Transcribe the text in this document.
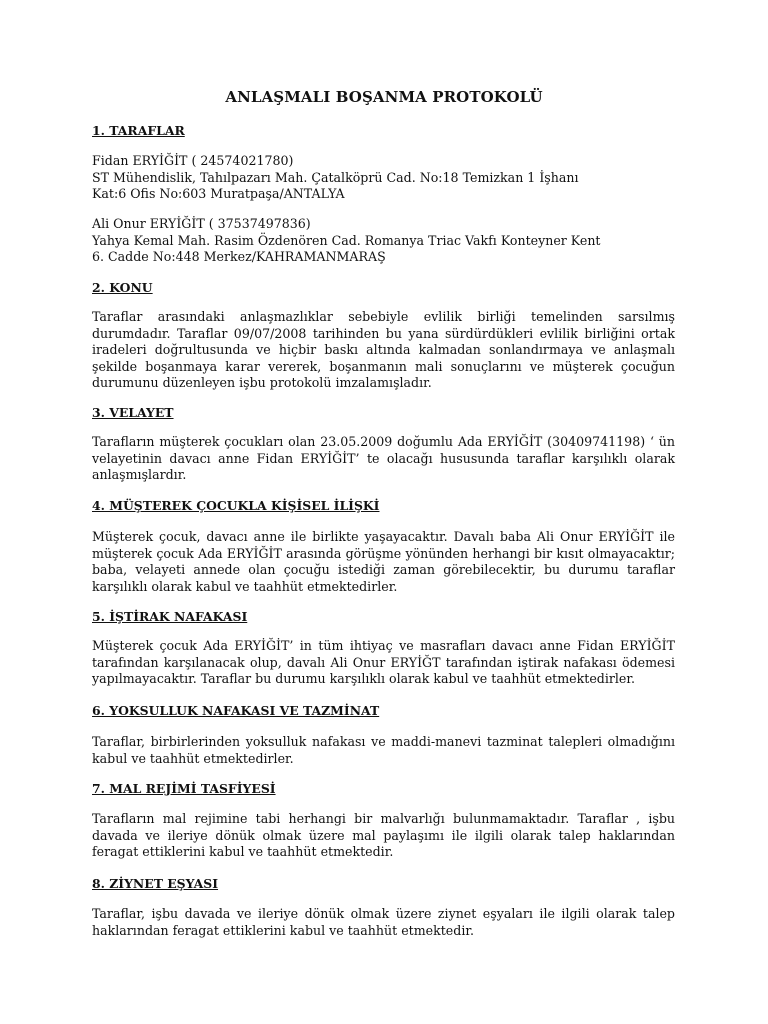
ANLAŞMALI BOŞANMA PROTOKOLÜ
1. TARAFLAR
Fidan ERYİĞİT ( 24574021780)
ST Mühendislik, Tahılpazarı Mah. Çatalköprü Cad. No:18 Temizkan 1 İşhanı
Kat:6 Ofis No:603 Muratpaşa/ANTALYA
Ali Onur ERYİĞİT ( 37537497836)
Yahya Kemal Mah. Rasim Özdenören Cad. Romanya Triac Vakfı Konteyner Kent
6. Cadde No:448 Merkez/KAHRAMANMARAŞ
2. KONU
Taraflar arasındaki anlaşmazlıklar sebebiyle evlilik birliği temelinden sarsılmış durumdadır. Taraflar 09/07/2008 tarihinden bu yana sürdürdükleri evlilik birliğini ortak iradeleri doğrultusunda ve hiçbir baskı altında kalmadan sonlandırmaya ve anlaşmalı şekilde boşanmaya karar vererek, boşanmanın mali sonuçlarını ve müşterek çocuğun durumunu düzenleyen işbu protokolü imzalamışladır.
3. VELAYET
Tarafların müşterek çocukları olan 23.05.2009 doğumlu Ada ERYİĞİT (30409741198) ‘ ün velayetinin davacı anne Fidan ERYİĞİT’ te olacağı hususunda taraflar karşılıklı olarak anlaşmışlardır.
4. MÜŞTEREK ÇOCUKLA KİŞİSEL İLİŞKİ
Müşterek çocuk, davacı anne ile birlikte yaşayacaktır. Davalı baba Ali Onur ERYİĞİT ile müşterek çocuk Ada ERYİĞİT arasında görüşme yönünden herhangi bir kısıt olmayacaktır; baba, velayeti annede olan çocuğu istediği zaman görebilecektir, bu durumu taraflar karşılıklı olarak kabul ve taahhüt etmektedirler.
5. İŞTİRAK NAFAKASI
Müşterek çocuk Ada ERYİĞİT’ in tüm ihtiyaç ve masrafları davacı anne Fidan ERYİĞİT tarafından karşılanacak olup, davalı Ali Onur ERYİĞT tarafından iştirak nafakası ödemesi yapılmayacaktır. Taraflar bu durumu karşılıklı olarak kabul ve taahhüt etmektedirler.
6. YOKSULLUK NAFAKASI VE TAZMİNAT
Taraflar, birbirlerinden yoksulluk nafakası ve maddi-manevi tazminat talepleri olmadığını kabul ve taahhüt etmektedirler.
7. MAL REJİMİ TASFİYESİ
Tarafların mal rejimine tabi herhangi bir malvarlığı bulunmamaktadır. Taraflar , işbu davada ve ileriye dönük olmak üzere mal paylaşımı ile ilgili olarak talep haklarından feragat ettiklerini kabul ve taahhüt etmektedir.
8. ZİYNET EŞYASI
Taraflar, işbu davada ve ileriye dönük olmak üzere ziynet eşyaları ile ilgili olarak talep haklarından feragat ettiklerini kabul ve taahhüt etmektedir.
